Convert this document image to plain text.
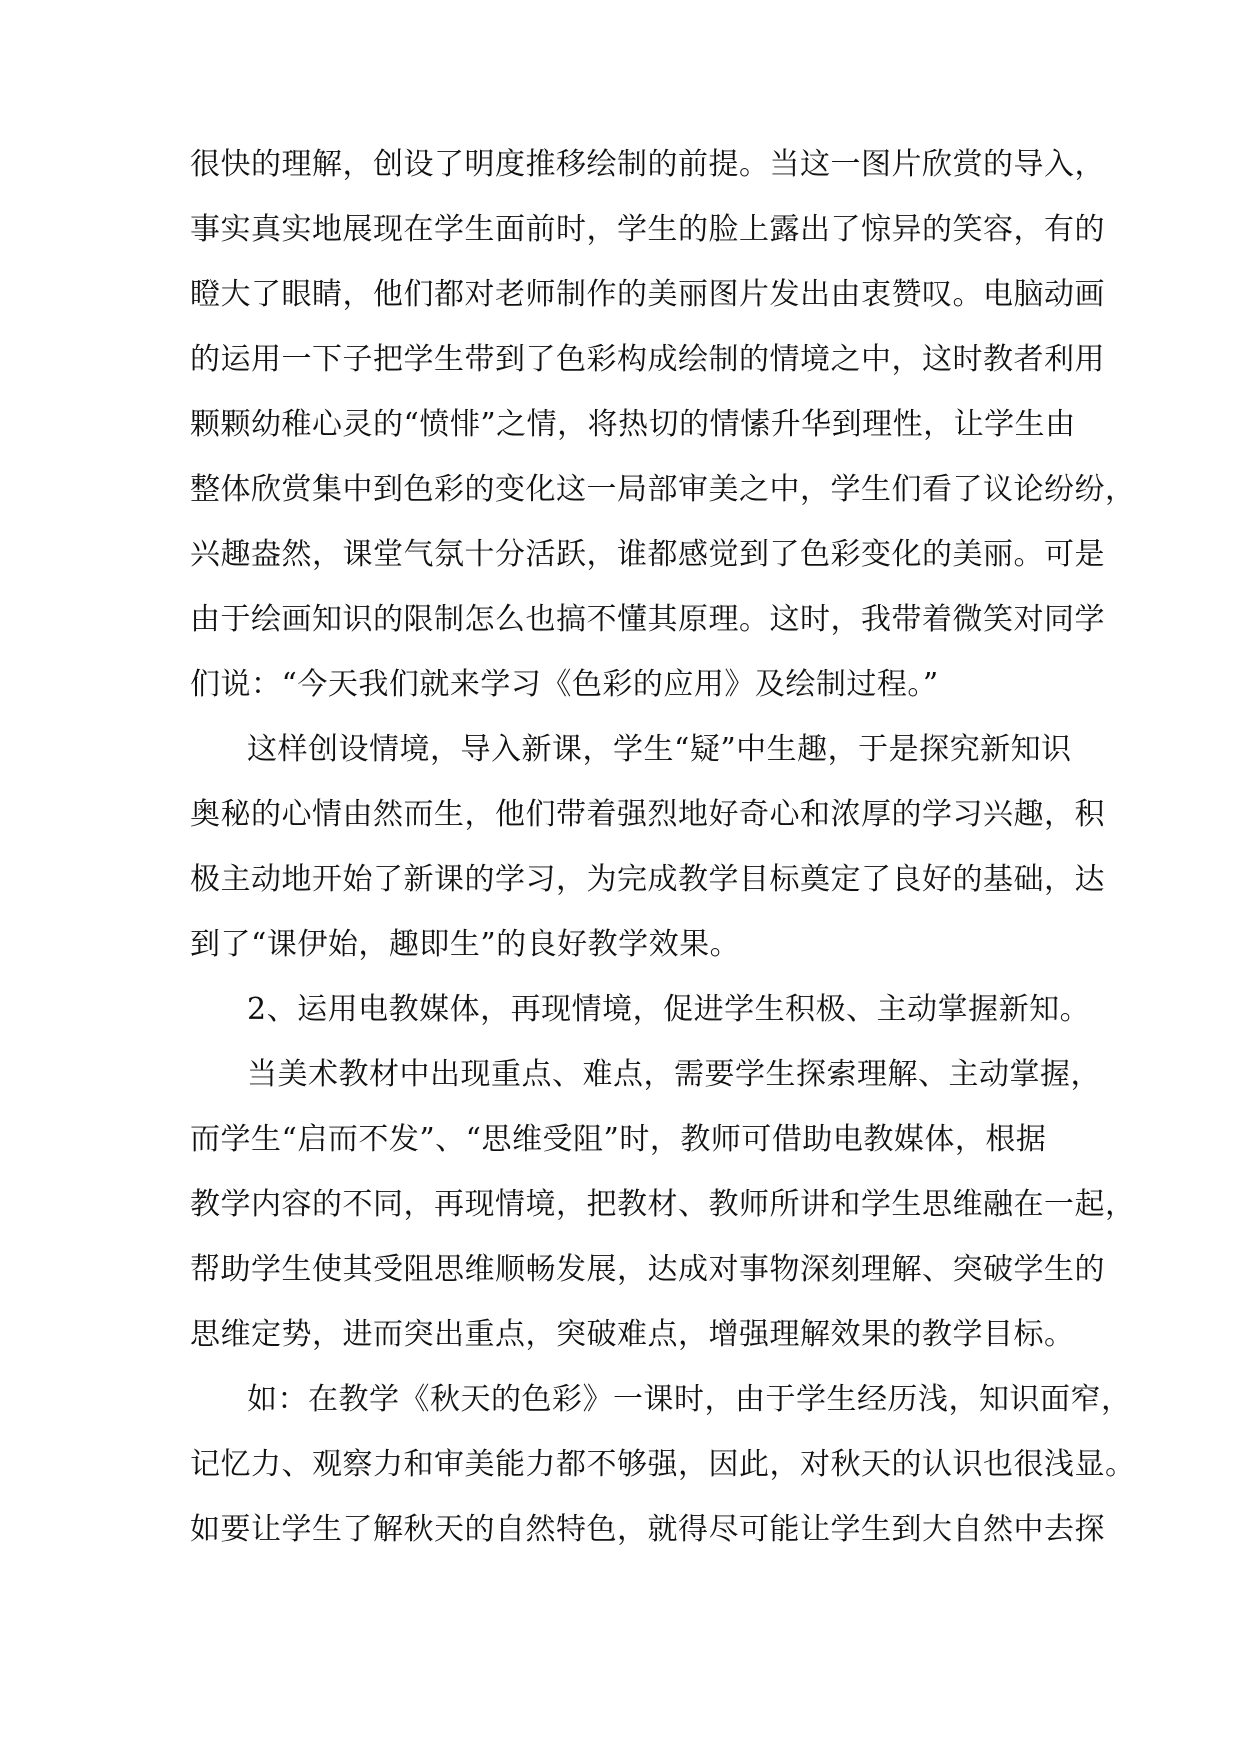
很快的理解，创设了明度推移绘制的前提。当这一图片欣赏的导入，
事实真实地展现在学生面前时，学生的脸上露出了惊异的笑容，有的
瞪大了眼睛，他们都对老师制作的美丽图片发出由衷赞叹。电脑动画
的运用一下子把学生带到了色彩构成绘制的情境之中，这时教者利用
颗颗幼稚心灵的“愤悱”之情，将热切的情愫升华到理性，让学生由
整体欣赏集中到色彩的变化这一局部审美之中，学生们看了议论纷纷，
兴趣盎然，课堂气氛十分活跃，谁都感觉到了色彩变化的美丽。可是
由于绘画知识的限制怎么也搞不懂其原理。这时，我带着微笑对同学
们说：“今天我们就来学习《色彩的应用》及绘制过程。”
这样创设情境，导入新课，学生“疑”中生趣，于是探究新知识
奥秘的心情由然而生，他们带着强烈地好奇心和浓厚的学习兴趣，积
极主动地开始了新课的学习，为完成教学目标奠定了良好的基础，达
到了“课伊始，趣即生”的良好教学效果。
2、运用电教媒体，再现情境，促进学生积极、主动掌握新知。
当美术教材中出现重点、难点，需要学生探索理解、主动掌握，
而学生“启而不发”、“思维受阻”时，教师可借助电教媒体，根据
教学内容的不同，再现情境，把教材、教师所讲和学生思维融在一起，
帮助学生使其受阻思维顺畅发展，达成对事物深刻理解、突破学生的
思维定势，进而突出重点，突破难点，增强理解效果的教学目标。
如：在教学《秋天的色彩》一课时，由于学生经历浅，知识面窄，
记忆力、观察力和审美能力都不够强，因此，对秋天的认识也很浅显。
如要让学生了解秋天的自然特色，就得尽可能让学生到大自然中去探
